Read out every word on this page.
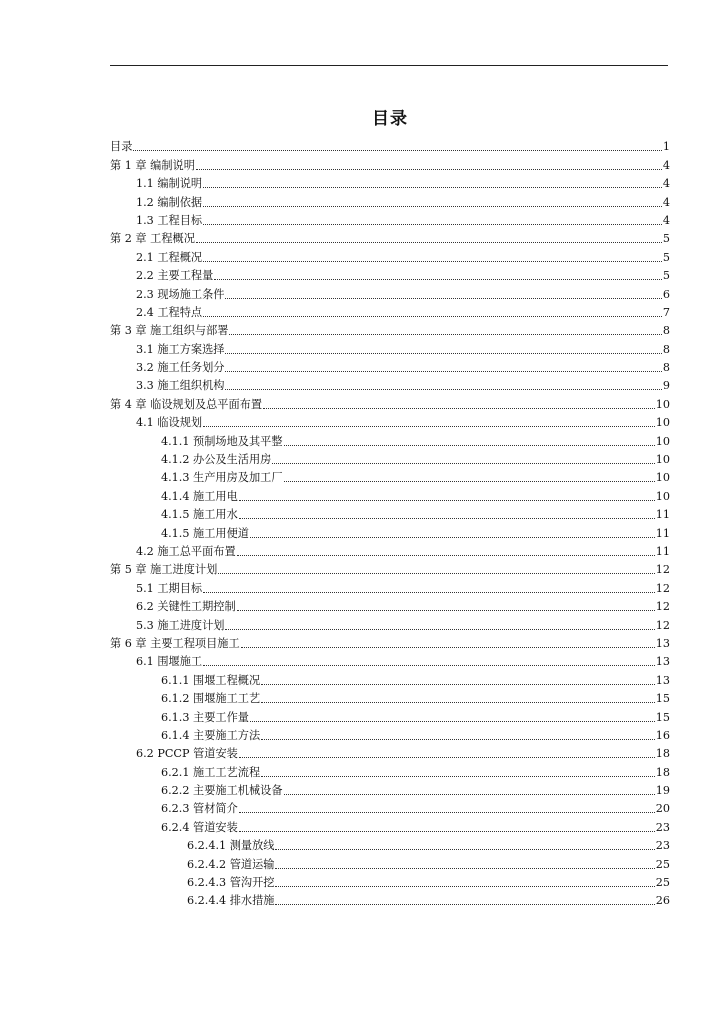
目录
目录	1
第 1 章 编制说明	4
1.1 编制说明	4
1.2 编制依据	4
1.3 工程目标	4
第 2 章 工程概况	5
2.1 工程概况	5
2.2 主要工程量	5
2.3 现场施工条件	6
2.4 工程特点	7
第 3 章 施工组织与部署	8
3.1 施工方案选择	8
3.2 施工任务划分	8
3.3 施工组织机构	9
第 4 章 临设规划及总平面布置	10
4.1 临设规划	10
4.1.1 预制场地及其平整	10
4.1.2 办公及生活用房	10
4.1.3 生产用房及加工厂	10
4.1.4 施工用电	10
4.1.5 施工用水	11
4.1.5 施工用便道	11
4.2 施工总平面布置	11
第 5 章 施工进度计划	12
5.1 工期目标	12
6.2 关键性工期控制	12
5.3 施工进度计划	12
第 6 章 主要工程项目施工	13
6.1 围堰施工	13
6.1.1 围堰工程概况	13
6.1.2 围堰施工工艺	15
6.1.3 主要工作量	15
6.1.4 主要施工方法	16
6.2 PCCP 管道安装	18
6.2.1 施工工艺流程	18
6.2.2 主要施工机械设备	19
6.2.3 管材简介	20
6.2.4 管道安装	23
6.2.4.1 测量放线	23
6.2.4.2 管道运输	25
6.2.4.3 管沟开挖	25
6.2.4.4 排水措施	26
